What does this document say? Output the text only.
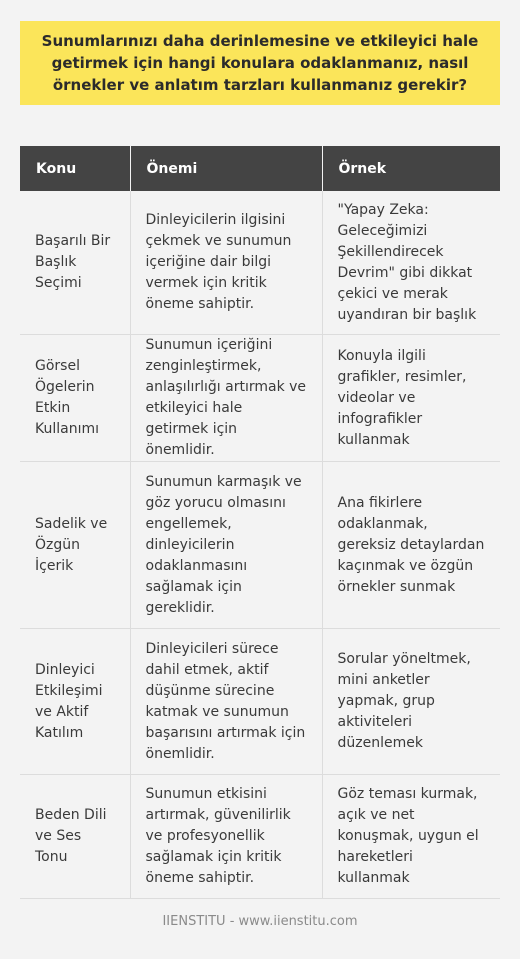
Sunumlarınızı daha derinlemesine ve etkileyici hale getirmek için hangi konulara odaklanmanız, nasıl örnekler ve anlatım tarzları kullanmanız gerekir?
Konu	Önemi	Örnek
Başarılı Bir Başlık Seçimi	Dinleyicilerin ilgisini çekmek ve sunumun içeriğine dair bilgi vermek için kritik öneme sahiptir.	"Yapay Zeka: Geleceğimizi Şekillendirecek Devrim" gibi dikkat çekici ve merak uyandıran bir başlık
Görsel Ögelerin Etkin Kullanımı	Sunumun içeriğini zenginleştirmek, anlaşılırlığı artırmak ve etkileyici hale getirmek için önemlidir.	Konuyla ilgili grafikler, resimler, videolar ve infografikler kullanmak
Sadelik ve Özgün İçerik	Sunumun karmaşık ve göz yorucu olmasını engellemek, dinleyicilerin odaklanmasını sağlamak için gereklidir.	Ana fikirlere odaklanmak, gereksiz detaylardan kaçınmak ve özgün örnekler sunmak
Dinleyici Etkileşimi ve Aktif Katılım	Dinleyicileri sürece dahil etmek, aktif düşünme sürecine katmak ve sunumun başarısını artırmak için önemlidir.	Sorular yöneltmek, mini anketler yapmak, grup aktiviteleri düzenlemek
Beden Dili ve Ses Tonu	Sunumun etkisini artırmak, güvenilirlik ve profesyonellik sağlamak için kritik öneme sahiptir.	Göz teması kurmak, açık ve net konuşmak, uygun el hareketleri kullanmak
IIENSTITU - www.iienstitu.com
